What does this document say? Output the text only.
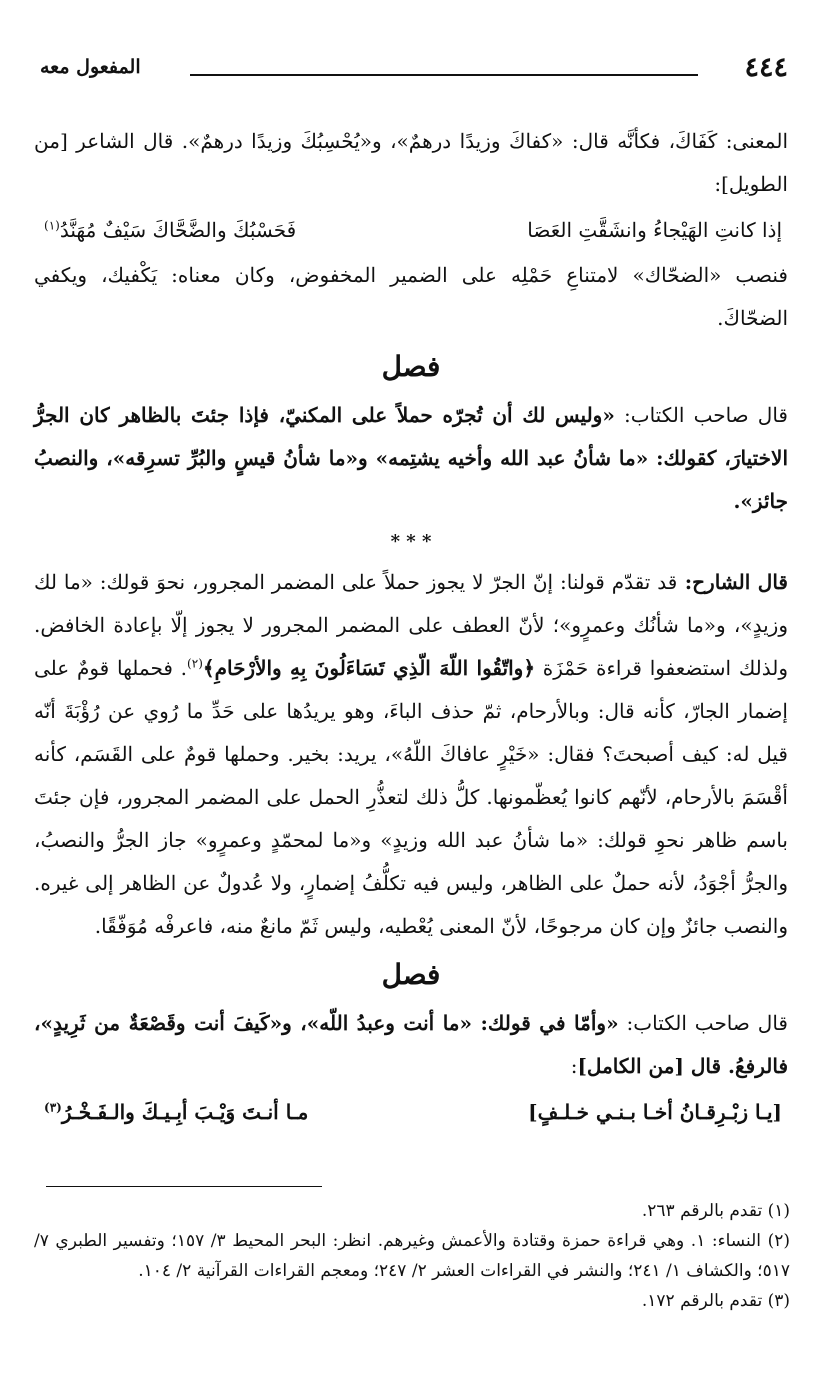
٤٤٤
المفعول معه

المعنى: كَفَاكَ، فكأنَّه قال: «كفاكَ وزيدًا درهمٌ»، و«يُحْسِبُكَ وزيدًا درهمٌ». قال الشاعر [من الطويل]:

إذا كانتِ الهَيْجاءُ وانشَقَّتِ العَصَا
فَحَسْبُكَ والضَّحَّاكَ سَيْفٌ مُهَنَّدُ$^{(١)}$

فنصب «الضحّاك» لامتناعِ حَمْلِه على الضمير المخفوض، وكان معناه: يَكْفيك، ويكفي الضحّاكَ.

فصل

قال صاحب الكتاب: «وليس لك أن تُجرّه حملاً على المكنيّ، فإذا جئتَ بالظاهر كان الجرُّ الاختيارَ، كقولك: «ما شأنُ عبد الله وأخيه يشتِمه» و«ما شأنُ قيسٍ والبُرِّ تسرِقه»، والنصبُ جائز».

* * *

قال الشارح: قد تقدّم قولنا: إنّ الجرّ لا يجوز حملاً على المضمر المجرور، نحوَ قولك: «ما لك وزيدٍ»، و«ما شأنُك وعمرٍو»؛ لأنّ العطف على المضمر المجرور لا يجوز إلّا بإعادة الخافض. ولذلك استضعفوا قراءة حَمْزَة ﴿واتّقُوا اللّهَ الّذِي تَسَاءَلُونَ بِهِ والأرْحَامِ﴾$^{(٢)}$. فحملها قومٌ على إضمار الجارّ، كأنه قال: وبالأرحام، ثمّ حذف الباءَ، وهو يريدُها على حَدِّ ما رُوي عن رُؤْبَةَ أنّه قيل له: كيف أصبحتَ؟ فقال: «خَيْرٍ عافاكَ اللّهُ»، يريد: بخير. وحملها قومٌ على القَسَم، كأنه أقْسَمَ بالأرحام، لأنّهم كانوا يُعظّمونها. كلُّ ذلك لتعذُّرِ الحمل على المضمر المجرور، فإن جئتَ باسم ظاهر نحوِ قولك: «ما شأنُ عبد الله وزيدٍ» و«ما لمحمّدٍ وعمرٍو» جاز الجرُّ والنصبُ، والجرُّ أجْوَدُ، لأنه حملٌ على الظاهر، وليس فيه تكلُّفُ إضمارٍ، ولا عُدولٌ عن الظاهر إلى غيره. والنصب جائزٌ وإن كان مرجوحًا، لأنّ المعنى يُعْطيه، وليس ثَمّ مانعٌ منه، فاعرفْه مُوَفّقًا.

فصل

قال صاحب الكتاب: «وأمّا في قولك: «ما أنت وعبدُ اللّه»، و«كَيفَ أنت وقَصْعَةٌ من ثَرِيدٍ»، فالرفعُ. قال [من الكامل]:

[يـا زبْـرِقـانُ أخـا بـنـي خـلـفٍ]
مـا أنـتَ وَيْـبَ أبِـيـكَ والـفَـخْـرُ$^{(٣)}$

(١) تقدم بالرقم ٢٦٣.

(٢) النساء: ١. وهي قراءة حمزة وقتادة والأعمش وغيرهم. انظر: البحر المحيط ٣/ ١٥٧؛ وتفسير الطبري ٧/ ٥١٧؛ والكشاف ١/ ٢٤١؛ والنشر في القراءات العشر ٢/ ٢٤٧؛ ومعجم القراءات القرآنية ٢/ ١٠٤.

(٣) تقدم بالرقم ١٧٢.
